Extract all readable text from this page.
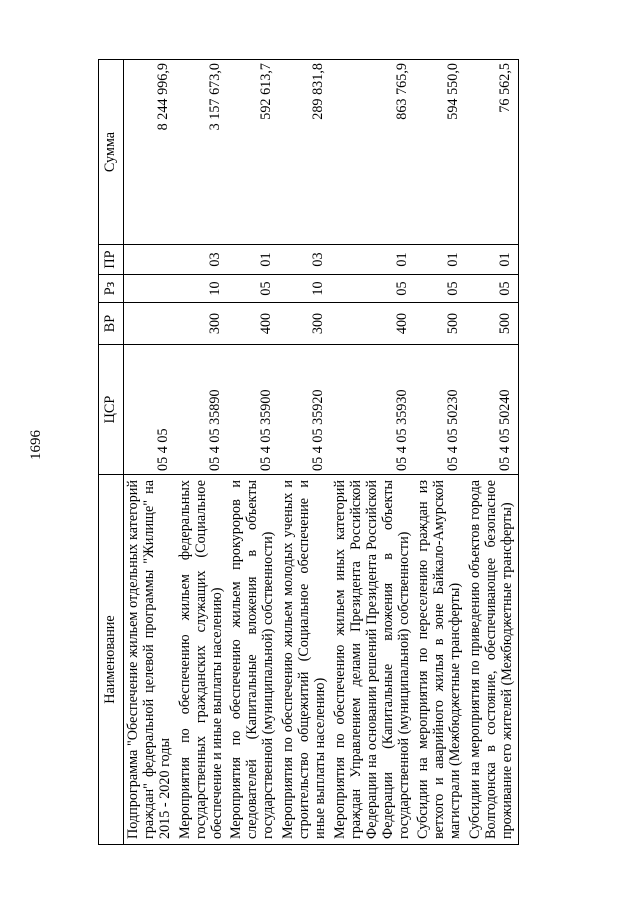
1696
Наименование	ЦСР	ВР	Рз	ПР	Сумма
Подпрограмма "Обеспечение жильем отдельных категорий граждан" федеральной целевой программы "Жилище" на 2015 - 2020 годы	05 4 05				8 244 996,9
Мероприятия по обеспечению жильем федеральных государственных гражданских служащих (Социальное обеспечение и иные выплаты населению)	05 4 05 35890	300	10	03	3 157 673,0
Мероприятия по обеспечению жильем прокуроров и следователей (Капитальные вложения в объекты государственной (муниципальной) собственности)	05 4 05 35900	400	05	01	592 613,7
Мероприятия по обеспечению жильем молодых ученых и строительство общежитий (Социальное обеспечение и иные выплаты населению)	05 4 05 35920	300	10	03	289 831,8
Мероприятия по обеспечению жильем иных категорий граждан Управлением делами Президента Российской Федерации на основании решений Президента Российской Федерации (Капитальные вложения в объекты государственной (муниципальной) собственности)	05 4 05 35930	400	05	01	863 765,9
Субсидии на мероприятия по переселению граждан из ветхого и аварийного жилья в зоне Байкало-Амурской магистрали (Межбюджетные трансферты)	05 4 05 50230	500	05	01	594 550,0
Субсидии на мероприятия по приведению объектов города Волгодонска в состояние, обеспечивающее безопасное проживание его жителей (Межбюджетные трансферты)	05 4 05 50240	500	05	01	76 562,5
